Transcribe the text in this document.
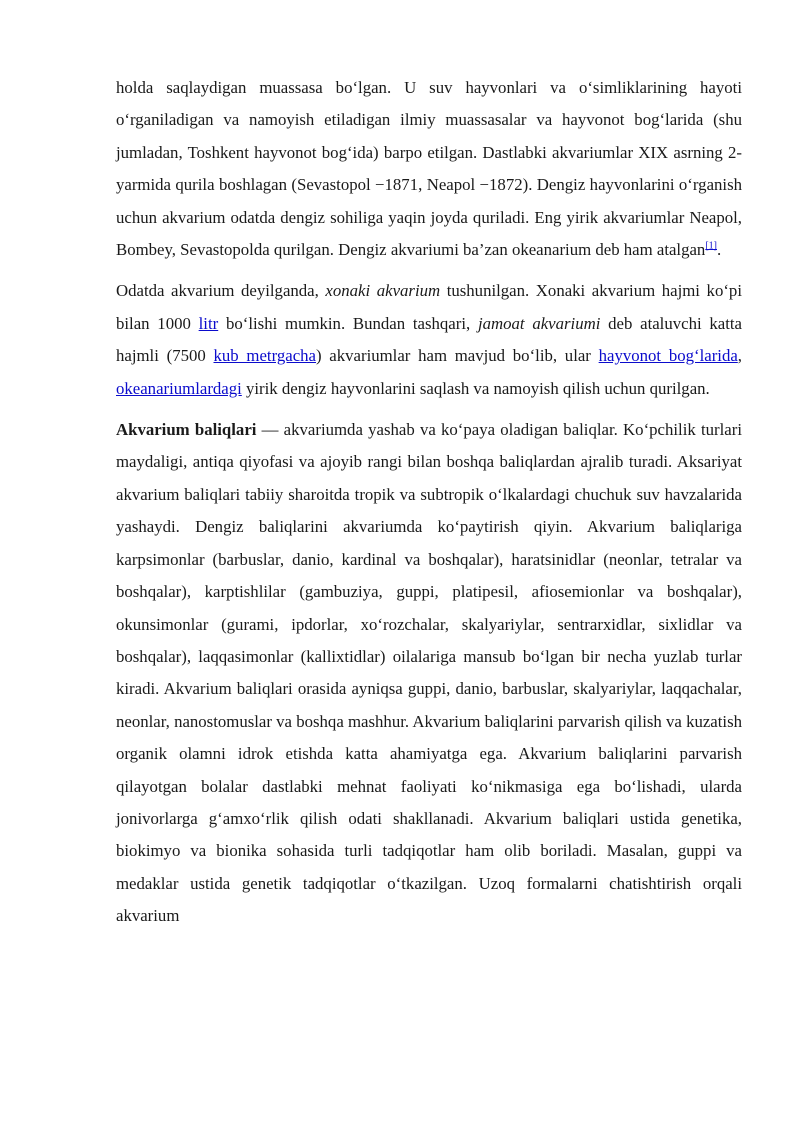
holda saqlaydigan muassasa bo‘lgan. U suv hayvonlari va o‘simliklarining hayoti o‘rganiladigan va namoyish etiladigan ilmiy muassasalar va hayvonot bog‘larida (shu jumladan, Toshkent hayvonot bog‘ida) barpo etilgan. Dastlabki akvariumlar XIX asrning 2- yarmida qurila boshlagan (Sevastopol −1871, Neapol −1872). Dengiz hayvonlarini o‘rganish uchun akvarium odatda dengiz sohiliga yaqin joyda quriladi. Eng yirik akvariumlar Neapol, Bombey, Sevastopolda qurilgan. Dengiz akvariumi ba’zan okeanarium deb ham atalgan[1].

Odatda akvarium deyilganda, xonaki akvarium tushunilgan. Xonaki akvarium hajmi ko‘pi bilan 1000 litr bo‘lishi mumkin. Bundan tashqari, jamoat akvariumi deb ataluvchi katta hajmli (7500 kub metrgacha) akvariumlar ham mavjud bo‘lib, ular hayvonot bog‘larida, okeanariumlardagi yirik dengiz hayvonlarini saqlash va namoyish qilish uchun qurilgan.

Akvarium baliqlari — akvariumda yashab va ko‘paya oladigan baliqlar. Ko‘pchilik turlari maydaligi, antiqa qiyofasi va ajoyib rangi bilan boshqa baliqlardan ajralib turadi. Aksariyat akvarium baliqlari tabiiy sharoitda tropik va subtropik o‘lkalardagi chuchuk suv havzalarida yashaydi. Dengiz baliqlarini akvariumda ko‘paytirish qiyin. Akvarium baliqlariga karpsimonlar (barbuslar, danio, kardinal va boshqalar), haratsinidlar (neonlar, tetralar va boshqalar), karptishlilar (gambuziya, guppi, platipesil, afiosemionlar va boshqalar), okunsimonlar (gurami, ipdorlar, xo‘rozchalar, skalyariylar, sentrarxidlar, sixlidlar va boshqalar), laqqasimonlar (kallixtidlar) oilalariga mansub bo‘lgan bir necha yuzlab turlar kiradi. Akvarium baliqlari orasida ayniqsa guppi, danio, barbuslar, skalyariylar, laqqachalar, neonlar, nanostomuslar va boshqa mashhur. Akvarium baliqlarini parvarish qilish va kuzatish organik olamni idrok etishda katta ahamiyatga ega. Akvarium baliqlarini parvarish qilayotgan bolalar dastlabki mehnat faoliyati ko‘nikmasiga ega bo‘lishadi, ularda jonivorlarga g‘amxo‘rlik qilish odati shakllanadi. Akvarium baliqlari ustida genetika, biokimyo va bionika sohasida turli tadqiqotlar ham olib boriladi. Masalan, guppi va medaklar ustida genetik tadqiqotlar o‘tkazilgan. Uzoq formalarni chatishtirish orqali akvarium
